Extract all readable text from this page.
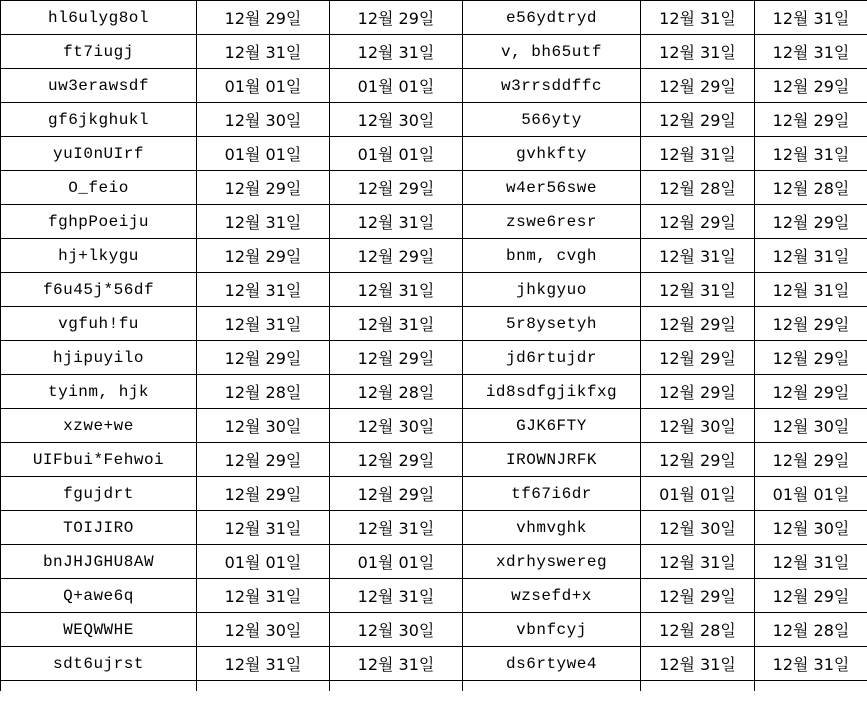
hl6ulyg8ol	12월 29일	12월 29일	e56ydtryd	12월 31일	12월 31일
ft7iugj	12월 31일	12월 31일	v, bh65utf	12월 31일	12월 31일
uw3erawsdf	01월 01일	01월 01일	w3rrsddffc	12월 29일	12월 29일
gf6jkghukl	12월 30일	12월 30일	566yty	12월 29일	12월 29일
yuI0nUIrf	01월 01일	01월 01일	gvhkfty	12월 31일	12월 31일
O_feio	12월 29일	12월 29일	w4er56swe	12월 28일	12월 28일
fghpPoeiju	12월 31일	12월 31일	zswe6resr	12월 29일	12월 29일
hj+lkygu	12월 29일	12월 29일	bnm, cvgh	12월 31일	12월 31일
f6u45j*56df	12월 31일	12월 31일	jhkgyuo	12월 31일	12월 31일
vgfuh!fu	12월 31일	12월 31일	5r8ysetyh	12월 29일	12월 29일
hjipuyilo	12월 29일	12월 29일	jd6rtujdr	12월 29일	12월 29일
tyinm, hjk	12월 28일	12월 28일	id8sdfgjikfxg	12월 29일	12월 29일
xzwe+we	12월 30일	12월 30일	GJK6FTY	12월 30일	12월 30일
UIFbui*Fehwoi	12월 29일	12월 29일	IROWNJRFK	12월 29일	12월 29일
fgujdrt	12월 29일	12월 29일	tf67i6dr	01월 01일	01월 01일
TOIJIRO	12월 31일	12월 31일	vhmvghk	12월 30일	12월 30일
bnJHJGHU8AW	01월 01일	01월 01일	xdrhyswereg	12월 31일	12월 31일
Q+awe6q	12월 31일	12월 31일	wzsefd+x	12월 29일	12월 29일
WEQWWHE	12월 30일	12월 30일	vbnfcyj	12월 28일	12월 28일
sdt6ujrst	12월 31일	12월 31일	ds6rtywe4	12월 31일	12월 31일
